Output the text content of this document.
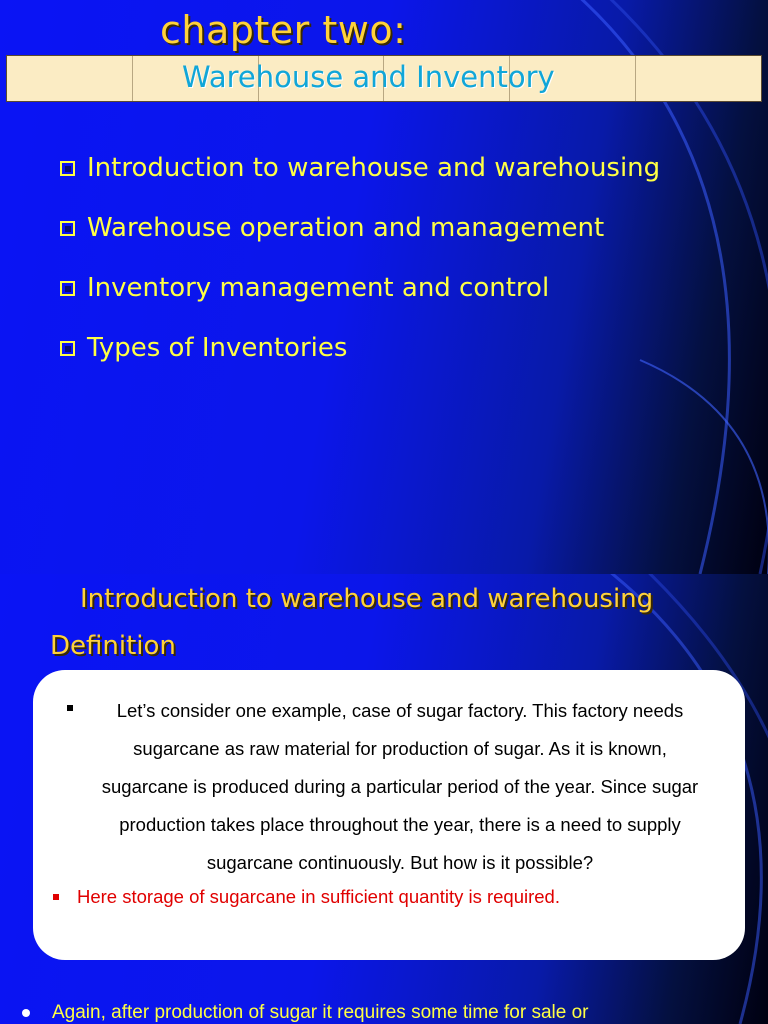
chapter two:
Warehouse and Inventory
Introduction to warehouse and warehousing
Warehouse operation and management
Inventory management and control
Types of Inventories
Introduction to warehouse and warehousing
Definition

Let’s consider one example, case of sugar factory. This factory needs sugarcane as raw material for production of sugar. As it is known, sugarcane is produced during a particular period of the year. Since sugar production takes place throughout the year, there is a need to supply sugarcane continuously. But how is it possible?

Here storage of sugarcane in sufficient quantity is required.

Again, after production of sugar it requires some time for sale or
